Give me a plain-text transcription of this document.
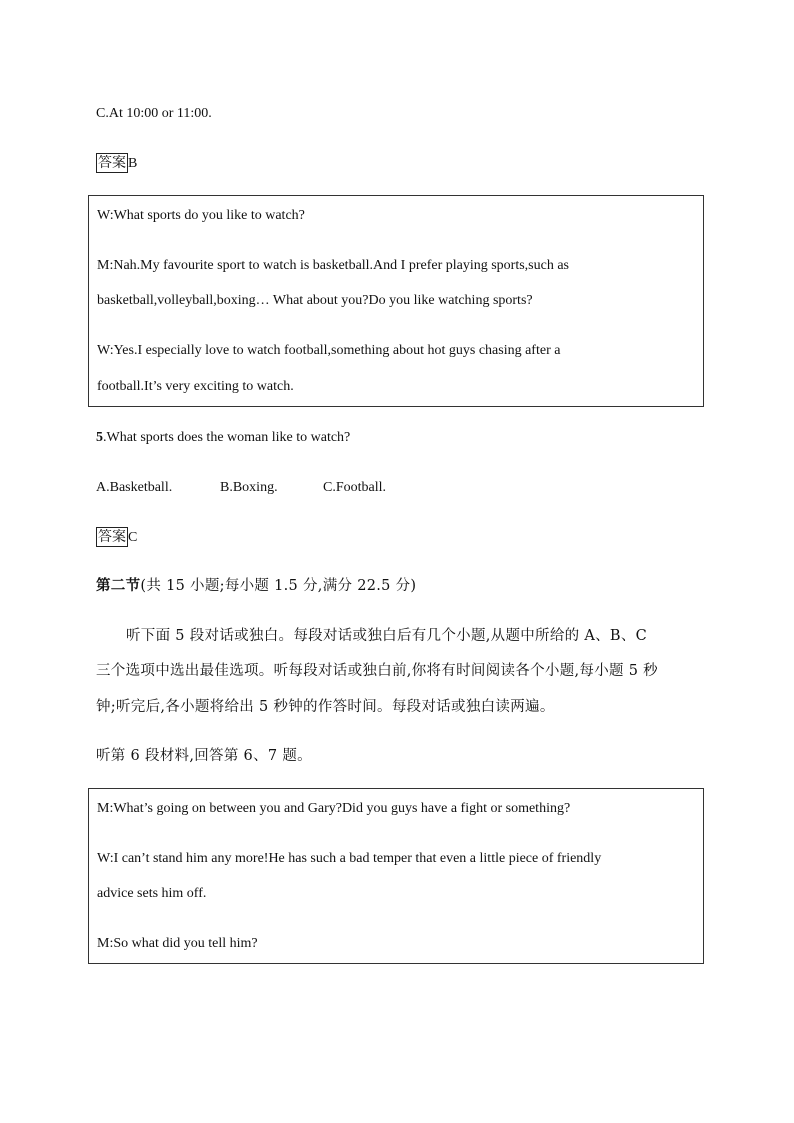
C.At 10:00 or 11:00.
答案 B
W:What sports do you like to watch?
M:Nah.My favourite sport to watch is basketball.And I prefer playing sports,such as
basketball,volleyball,boxing… What about you?Do you like watching sports?
W:Yes.I especially love to watch football,something about hot guys chasing after a
football.It’s very exciting to watch.
5.What sports does the woman like to watch?
A.Basketball.	B.Boxing.	C.Football.
答案 C
第二节(共 15 小题;每小题 1.5 分,满分 22.5 分)
听下面 5 段对话或独白。每段对话或独白后有几个小题,从题中所给的 A、B、C
三个选项中选出最佳选项。听每段对话或独白前,你将有时间阅读各个小题,每小题 5 秒
钟;听完后,各小题将给出 5 秒钟的作答时间。每段对话或独白读两遍。
听第 6 段材料,回答第 6、7 题。
M:What’s going on between you and Gary?Did you guys have a fight or something?
W:I can’t stand him any more!He has such a bad temper that even a little piece of friendly
advice sets him off.
M:So what did you tell him?
